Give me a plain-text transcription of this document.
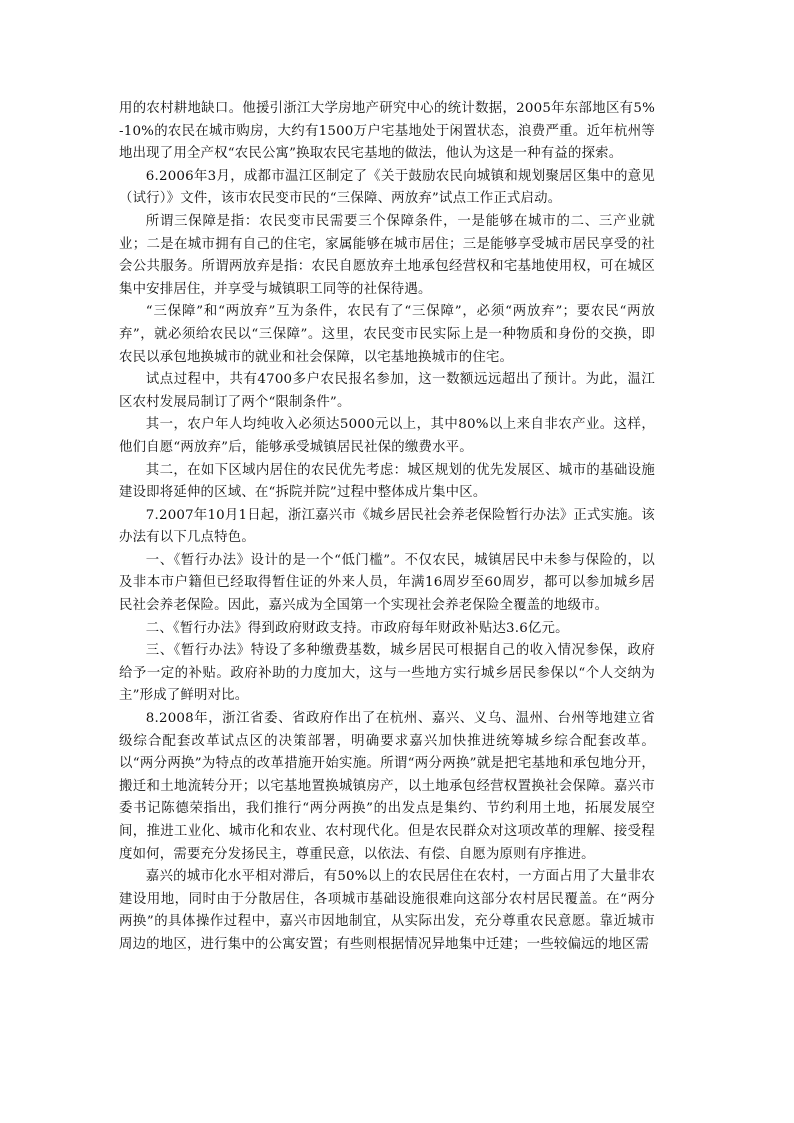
用的农村耕地缺口。他援引浙江大学房地产研究中心的统计数据，2005年东部地区有5%-10%的农民在城市购房，大约有1500万户宅基地处于闲置状态，浪费严重。近年杭州等地出现了用全产权“农民公寓”换取农民宅基地的做法，他认为这是一种有益的探索。

6.2006年3月，成都市温江区制定了《关于鼓励农民向城镇和规划聚居区集中的意见（试行）》文件，该市农民变市民的“三保障、两放弃”试点工作正式启动。

所谓三保障是指：农民变市民需要三个保障条件，一是能够在城市的二、三产业就业；二是在城市拥有自己的住宅，家属能够在城市居住；三是能够享受城市居民享受的社会公共服务。所谓两放弃是指：农民自愿放弃土地承包经营权和宅基地使用权，可在城区集中安排居住，并享受与城镇职工同等的社保待遇。

“三保障”和“两放弃”互为条件，农民有了“三保障”，必须“两放弃”；要农民“两放弃”，就必须给农民以“三保障”。这里，农民变市民实际上是一种物质和身份的交换，即农民以承包地换城市的就业和社会保障，以宅基地换城市的住宅。

试点过程中，共有4700多户农民报名参加，这一数额远远超出了预计。为此，温江区农村发展局制订了两个“限制条件”。

其一，农户年人均纯收入必须达5000元以上，其中80%以上来自非农产业。这样，他们自愿“两放弃”后，能够承受城镇居民社保的缴费水平。

其二，在如下区域内居住的农民优先考虑：城区规划的优先发展区、城市的基础设施建设即将延伸的区域、在“拆院并院”过程中整体成片集中区。

7.2007年10月1日起，浙江嘉兴市《城乡居民社会养老保险暂行办法》正式实施。该办法有以下几点特色。

一、《暂行办法》设计的是一个“低门槛”。不仅农民，城镇居民中未参与保险的，以及非本市户籍但已经取得暂住证的外来人员，年满16周岁至60周岁，都可以参加城乡居民社会养老保险。因此，嘉兴成为全国第一个实现社会养老保险全覆盖的地级市。

二、《暂行办法》得到政府财政支持。市政府每年财政补贴达3.6亿元。

三、《暂行办法》特设了多种缴费基数，城乡居民可根据自己的收入情况参保，政府给予一定的补贴。政府补助的力度加大，这与一些地方实行城乡居民参保以“个人交纳为主”形成了鲜明对比。

8.2008年，浙江省委、省政府作出了在杭州、嘉兴、义乌、温州、台州等地建立省级综合配套改革试点区的决策部署，明确要求嘉兴加快推进统筹城乡综合配套改革。以“两分两换”为特点的改革措施开始实施。所谓“两分两换”就是把宅基地和承包地分开，搬迁和土地流转分开；以宅基地置换城镇房产，以土地承包经营权置换社会保障。嘉兴市委书记陈德荣指出，我们推行“两分两换”的出发点是集约、节约利用土地，拓展发展空间，推进工业化、城市化和农业、农村现代化。但是农民群众对这项改革的理解、接受程度如何，需要充分发扬民主，尊重民意，以依法、有偿、自愿为原则有序推进。

嘉兴的城市化水平相对滞后，有50%以上的农民居住在农村，一方面占用了大量非农建设用地，同时由于分散居住，各项城市基础设施很难向这部分农村居民覆盖。在“两分两换”的具体操作过程中，嘉兴市因地制宜，从实际出发，充分尊重农民意愿。靠近城市周边的地区，进行集中的公寓安置；有些则根据情况异地集中迁建；一些较偏远的地区需
